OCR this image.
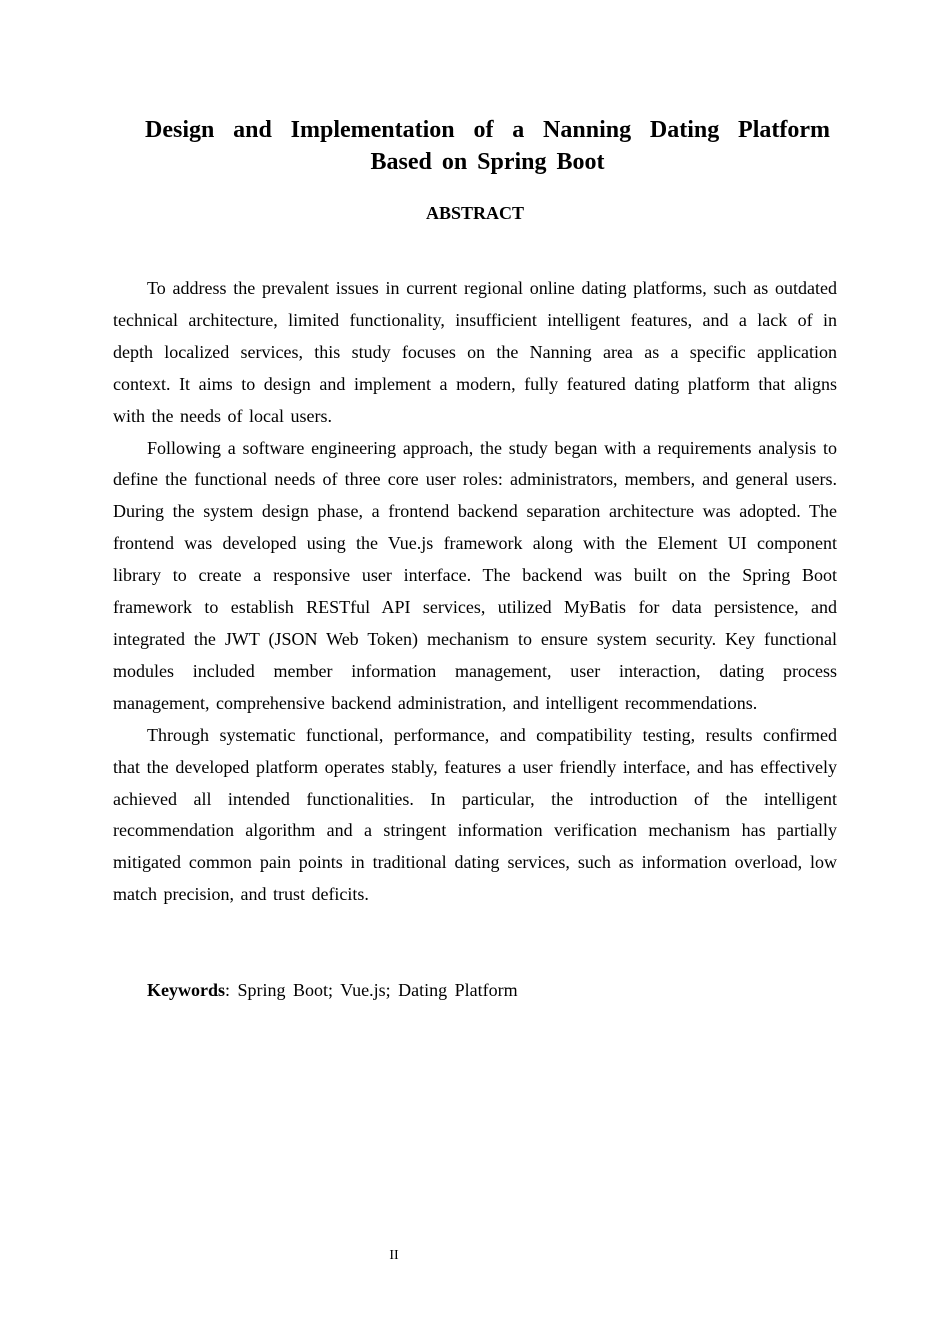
Design and Implementation of a Nanning Dating Platform Based on Spring Boot
ABSTRACT

To address the prevalent issues in current regional online dating platforms, such as outdated technical architecture, limited functionality, insufficient intelligent features, and a lack of in depth localized services, this study focuses on the Nanning area as a specific application context. It aims to design and implement a modern, fully featured dating platform that aligns with the needs of local users.

Following a software engineering approach, the study began with a requirements analysis to define the functional needs of three core user roles: administrators, members, and general users. During the system design phase, a frontend backend separation architecture was adopted. The frontend was developed using the Vue.js framework along with the Element UI component library to create a responsive user interface. The backend was built on the Spring Boot framework to establish RESTful API services, utilized MyBatis for data persistence, and integrated the JWT (JSON Web Token) mechanism to ensure system security. Key functional modules included member information management, user interaction, dating process management, comprehensive backend administration, and intelligent recommendations.

Through systematic functional, performance, and compatibility testing, results confirmed that the developed platform operates stably, features a user friendly interface, and has effectively achieved all intended functionalities. In particular, the introduction of the intelligent recommendation algorithm and a stringent information verification mechanism has partially mitigated common pain points in traditional dating services, such as information overload, low match precision, and trust deficits.

Keywords: Spring Boot; Vue.js; Dating Platform

II
